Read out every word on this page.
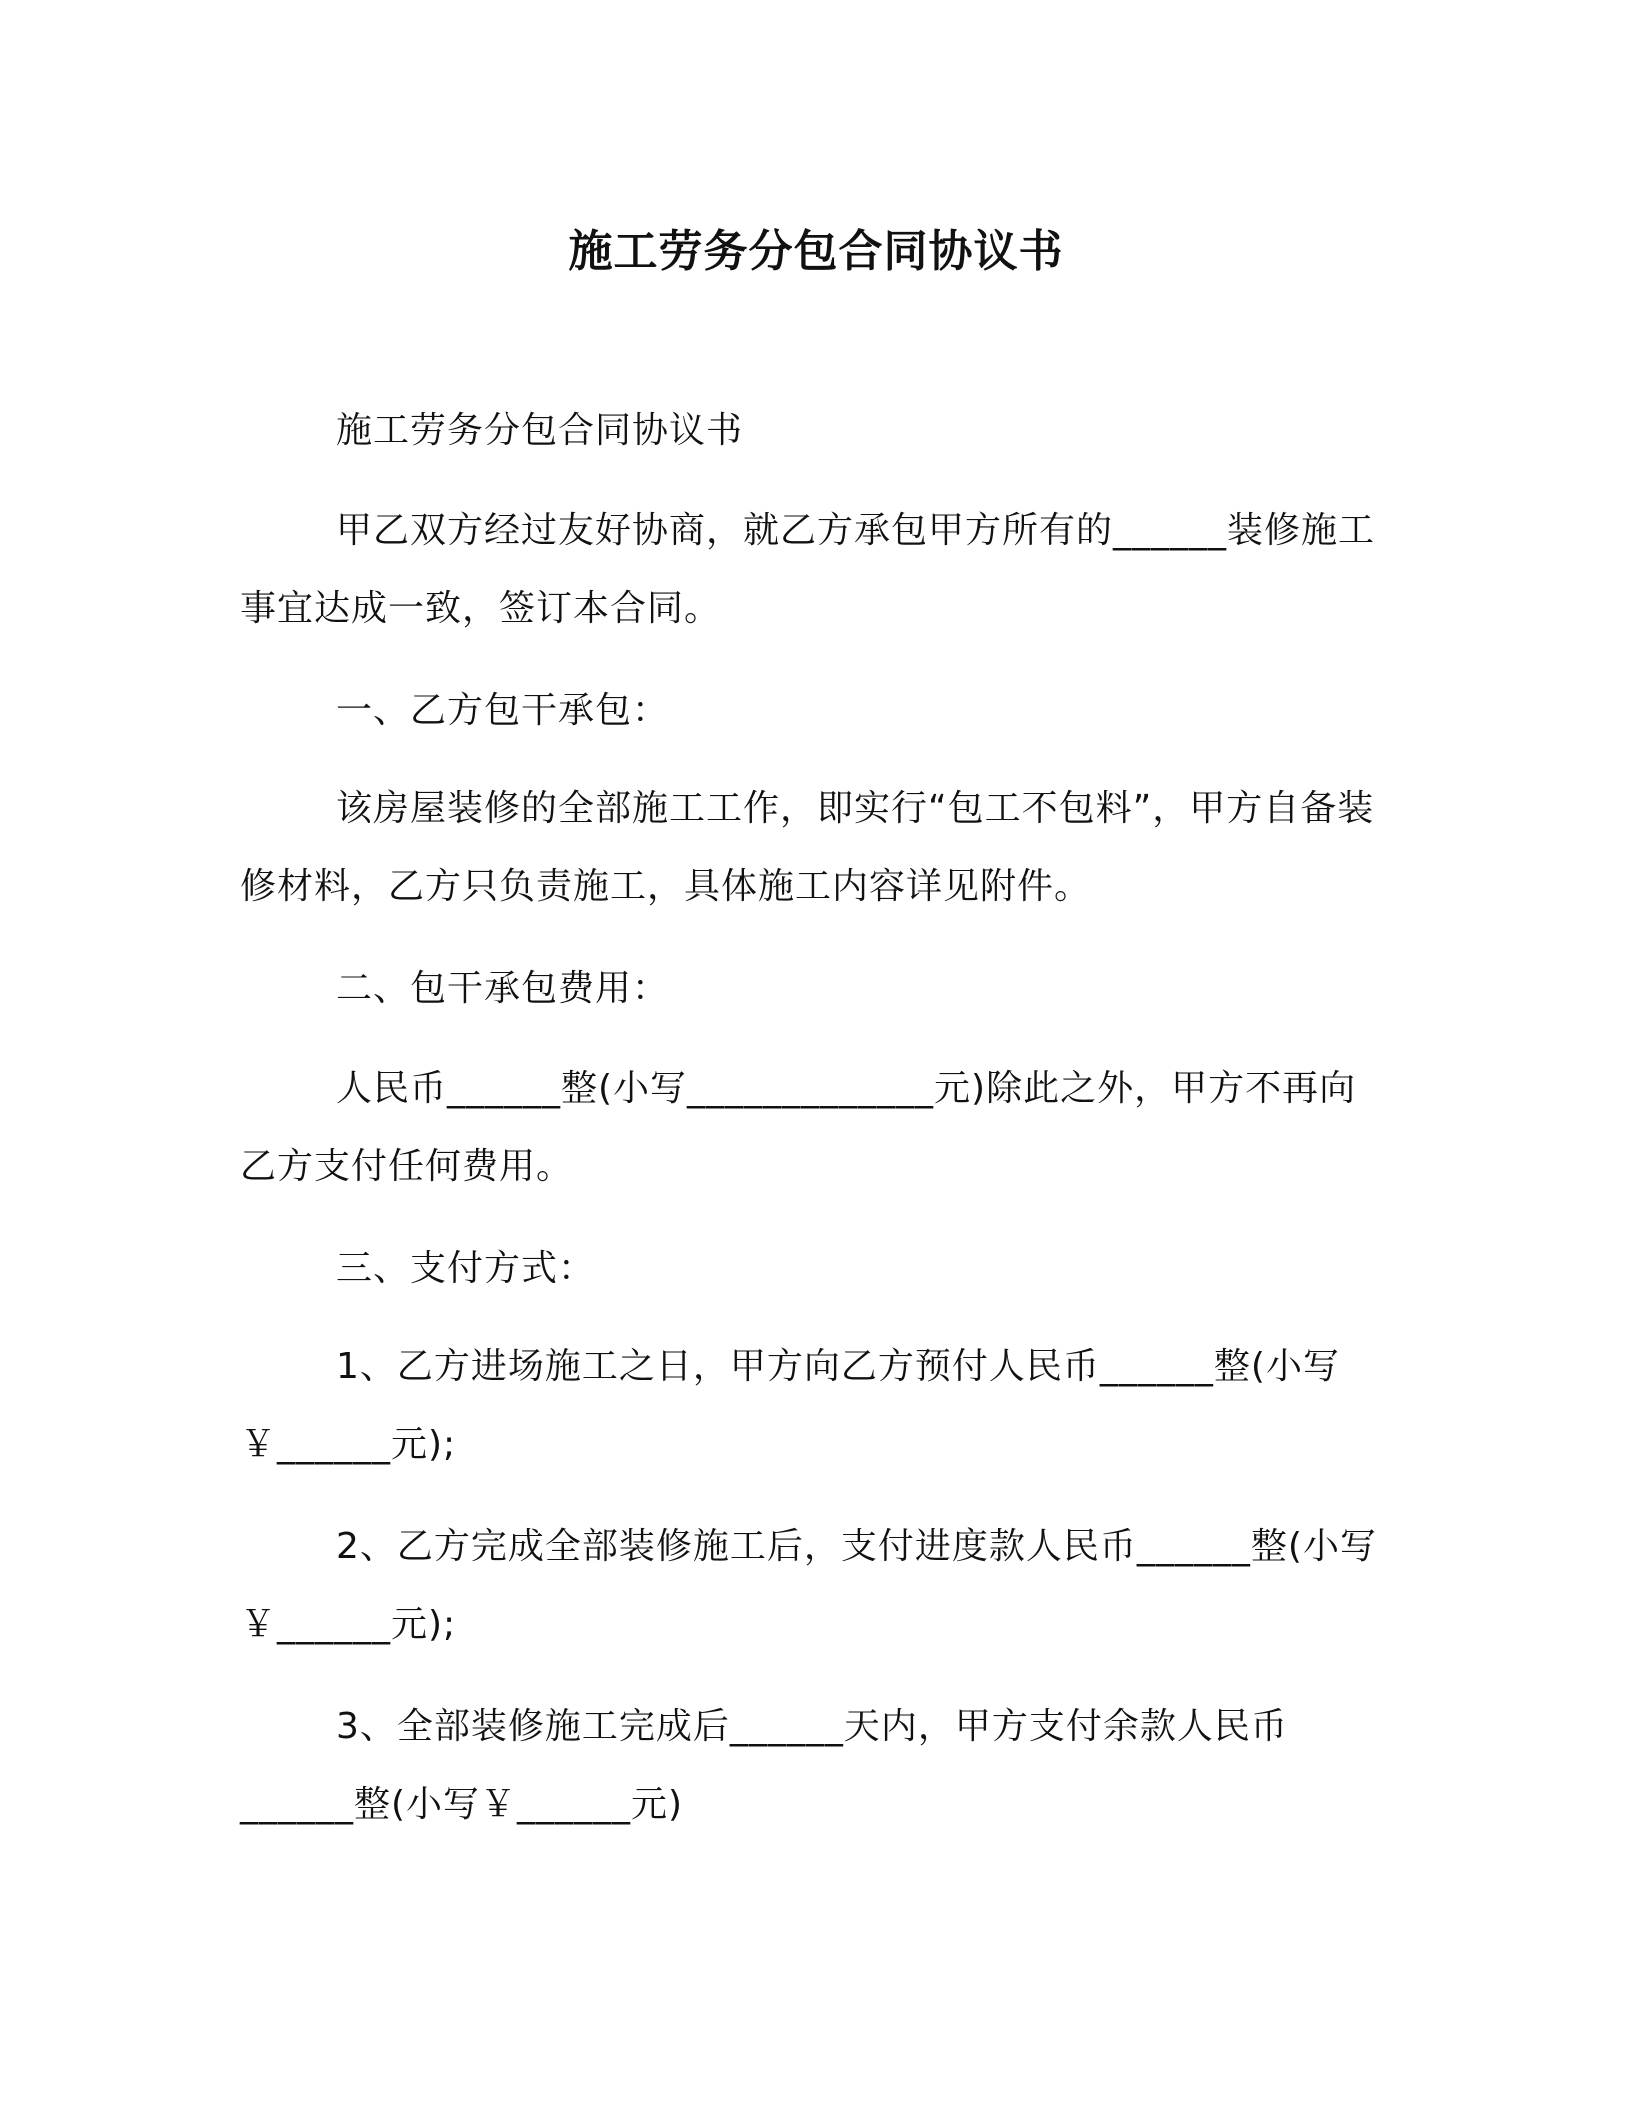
施工劳务分包合同协议书

施工劳务分包合同协议书

甲乙双方经过友好协商，就乙方承包甲方所有的______装修施工事宜达成一致，签订本合同。

一、乙方包干承包：

该房屋装修的全部施工工作，即实行“包工不包料”，甲方自备装修材料，乙方只负责施工，具体施工内容详见附件。

二、包干承包费用：

人民币______整(小写_____________元)除此之外，甲方不再向乙方支付任何费用。

三、支付方式：

1、乙方进场施工之日，甲方向乙方预付人民币______整(小写￥______元);

2、乙方完成全部装修施工后，支付进度款人民币______整(小写￥______元);

3、全部装修施工完成后______天内，甲方支付余款人民币______整(小写￥______元)
